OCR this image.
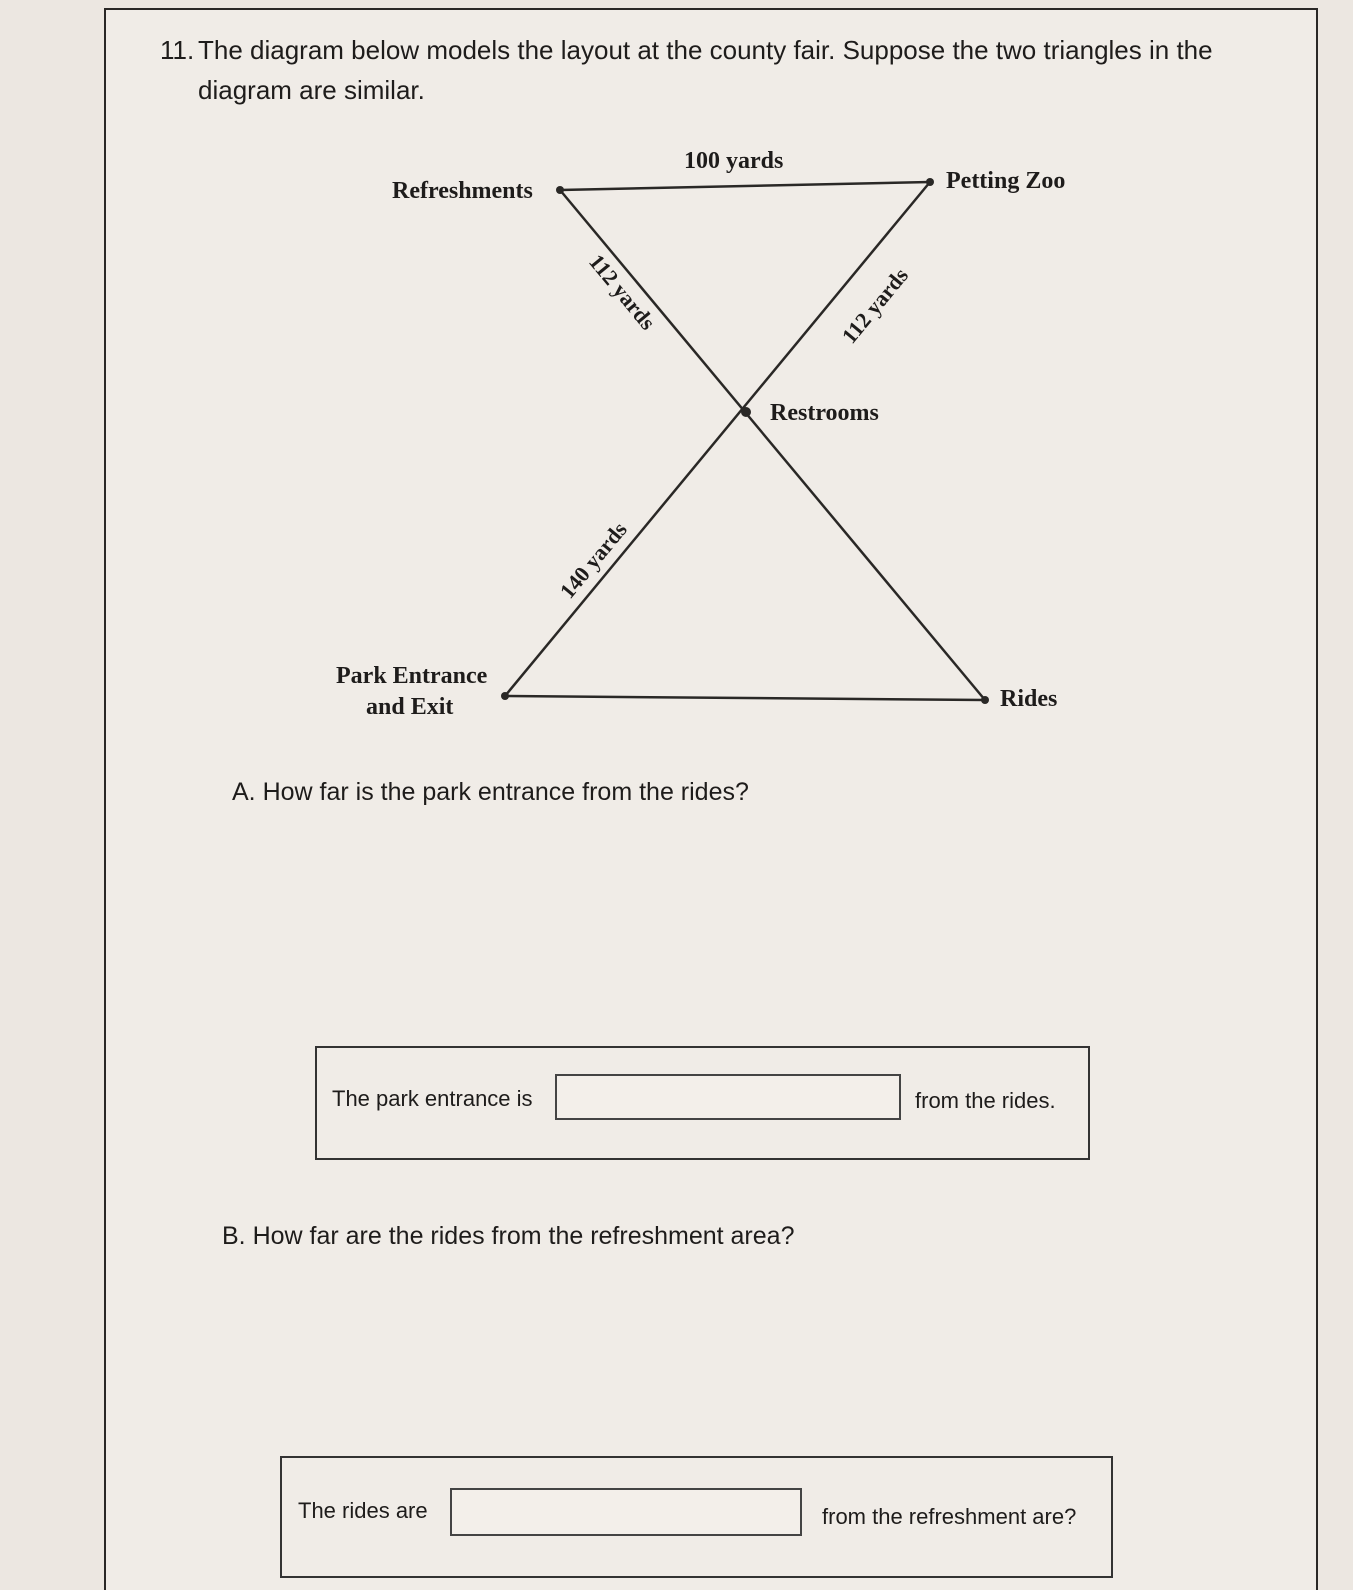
11. The diagram below models the layout at the county fair. Suppose the two triangles in the diagram are similar.
Refreshments	Petting Zoo
Restrooms
Park Entrance
and Exit	Rides
100 yards
112 yards	112 yards
140 yards
A. How far is the park entrance from the rides?
The park entrance is	from the rides.
B. How far are the rides from the refreshment area?
The rides are	from the refreshment are?
